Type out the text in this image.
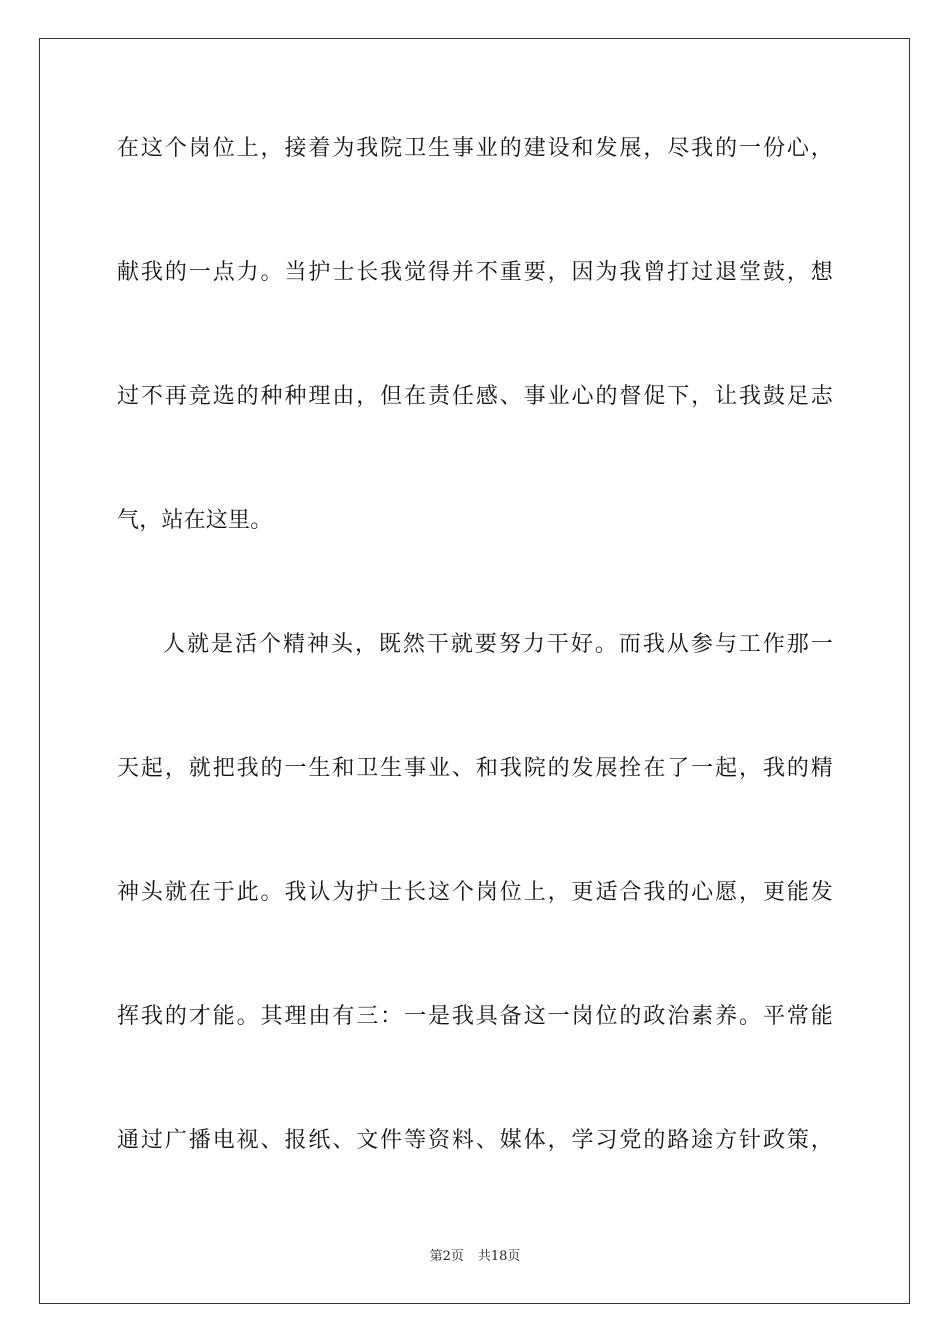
在这个岗位上，接着为我院卫生事业的建设和发展，尽我的一份心，
献我的一点力。当护士长我觉得并不重要，因为我曾打过退堂鼓，想
过不再竞选的种种理由，但在责任感、事业心的督促下，让我鼓足志
气，站在这里。
人就是活个精神头，既然干就要努力干好。而我从参与工作那一
天起，就把我的一生和卫生事业、和我院的发展拴在了一起，我的精
神头就在于此。我认为护士长这个岗位上，更适合我的心愿，更能发
挥我的才能。其理由有三：一是我具备这一岗位的政治素养。平常能
通过广播电视、报纸、文件等资料、媒体，学习党的路途方针政策，
第2页 共18页
